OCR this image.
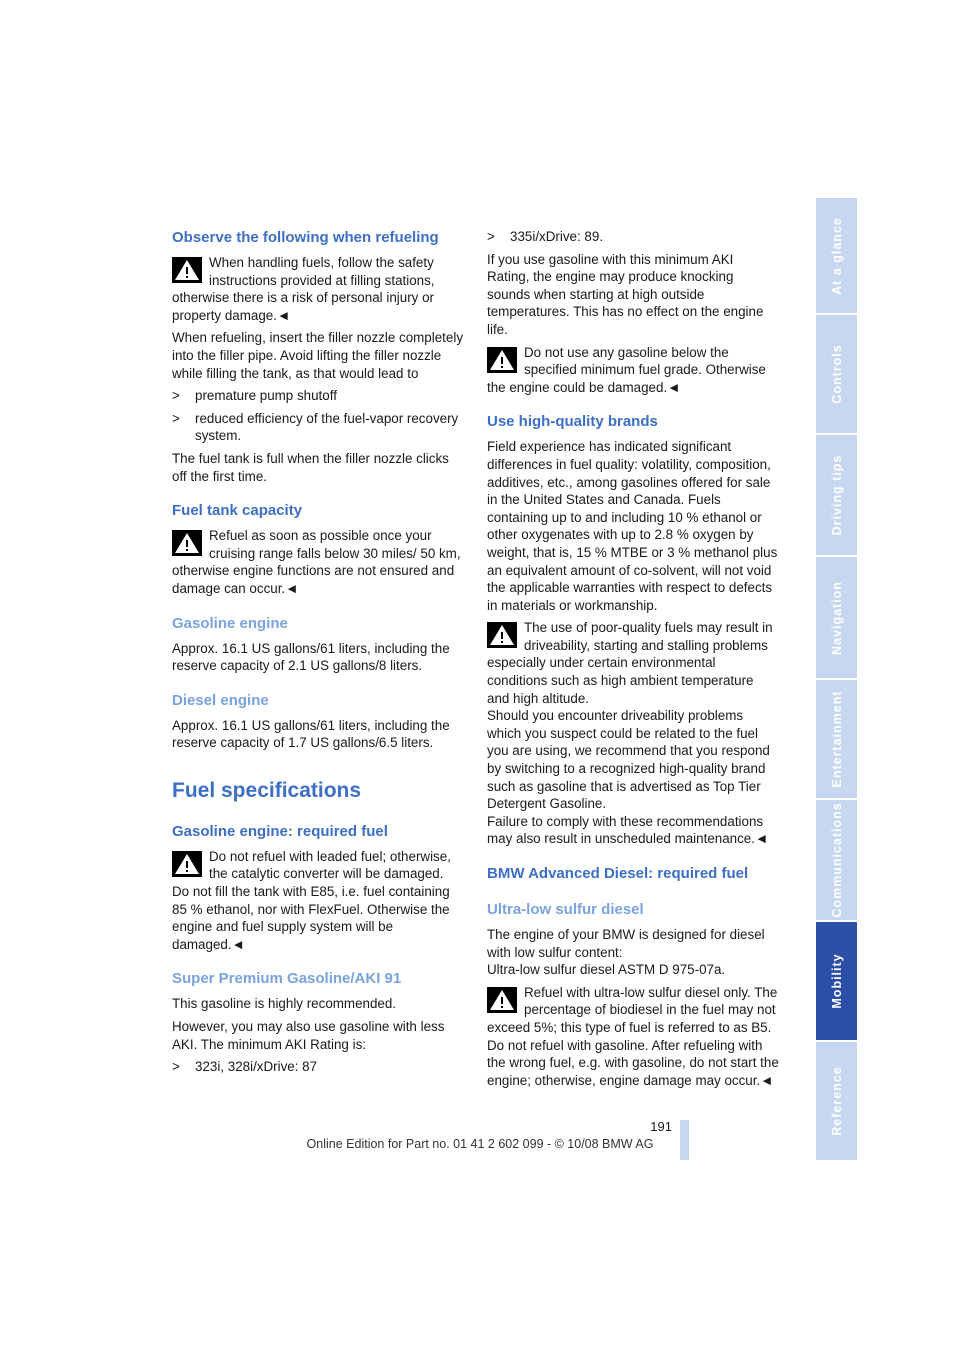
Observe the following when refueling
When handling fuels, follow the safety instructions provided at filling stations, otherwise there is a risk of personal injury or property damage.◄

When refueling, insert the filler nozzle completely into the filler pipe. Avoid lifting the filler nozzle while filling the tank, as that would lead to

> premature pump shutoff
> reduced efficiency of the fuel-vapor recovery system.

The fuel tank is full when the filler nozzle clicks off the first time.

Fuel tank capacity
Refuel as soon as possible once your cruising range falls below 30 miles/ 50 km, otherwise engine functions are not ensured and damage can occur.◄
Gasoline engine

Approx. 16.1 US gallons/61 liters, including the reserve capacity of 2.1 US gallons/8 liters.

Diesel engine

Approx. 16.1 US gallons/61 liters, including the reserve capacity of 1.7 US gallons/6.5 liters.

Fuel specifications
Gasoline engine: required fuel
Do not refuel with leaded fuel; otherwise, the catalytic converter will be damaged. Do not fill the tank with E85, i.e. fuel containing 85 % ethanol, nor with FlexFuel. Otherwise the engine and fuel supply system will be damaged.◄
Super Premium Gasoline/AKI 91

This gasoline is highly recommended.

However, you may also use gasoline with less AKI. The minimum AKI Rating is:

> 323i, 328i/xDrive: 87
> 335i/xDrive: 89.

If you use gasoline with this minimum AKI Rating, the engine may produce knocking sounds when starting at high outside temperatures. This has no effect on the engine life.

Do not use any gasoline below the specified minimum fuel grade. Otherwise the engine could be damaged.◄
Use high-quality brands

Field experience has indicated significant differences in fuel quality: volatility, composition, additives, etc., among gasolines offered for sale in the United States and Canada. Fuels containing up to and including 10 % ethanol or other oxygenates with up to 2.8 % oxygen by weight, that is, 15 % MTBE or 3 % methanol plus an equivalent amount of co-solvent, will not void the applicable warranties with respect to defects in materials or workmanship.

The use of poor-quality fuels may result in driveability, starting and stalling problems especially under certain environmental conditions such as high ambient temperature and high altitude.

Should you encounter driveability problems which you suspect could be related to the fuel you are using, we recommend that you respond by switching to a recognized high-quality brand such as gasoline that is advertised as Top Tier Detergent Gasoline.

Failure to comply with these recommendations may also result in unscheduled maintenance.◄

BMW Advanced Diesel: required fuel
Ultra-low sulfur diesel

The engine of your BMW is designed for diesel with low sulfur content:

Ultra-low sulfur diesel ASTM D 975-07a.

Refuel with ultra-low sulfur diesel only. The percentage of biodiesel in the fuel may not exceed 5%; this type of fuel is referred to as B5. Do not refuel with gasoline. After refueling with the wrong fuel, e.g. with gasoline, do not start the engine; otherwise, engine damage may occur.◄
191
Online Edition for Part no. 01 41 2 602 099 - © 10/08 BMW AG
At a glance
Controls
Driving tips
Navigation
Entertainment
Communications
Mobility
Reference
